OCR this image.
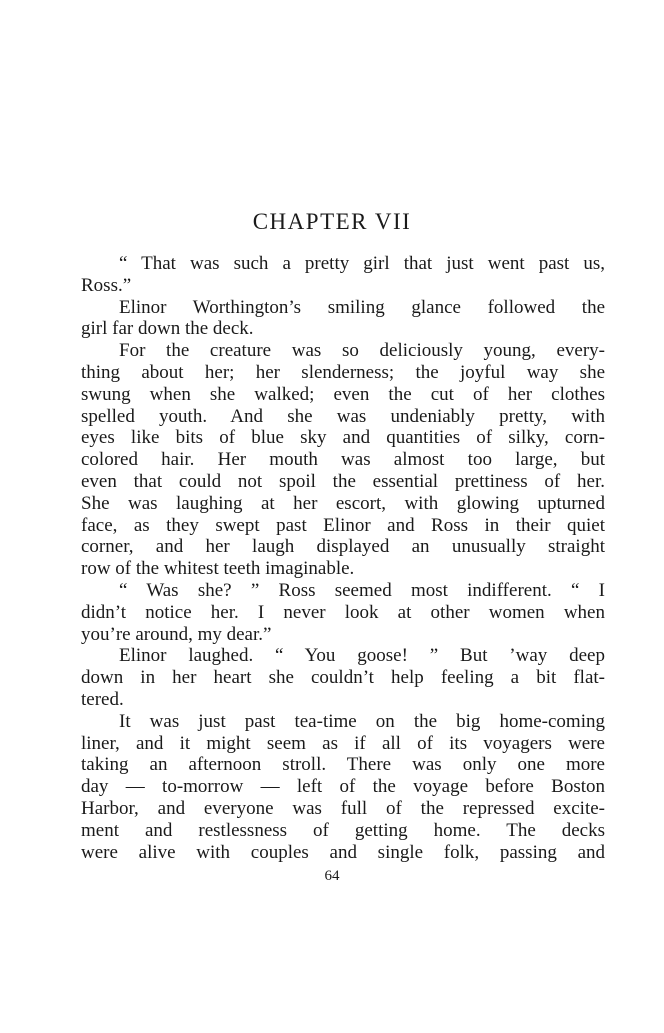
CHAPTER VII
“ That was such a pretty girl that just went past us,
Ross.”
Elinor Worthington’s smiling glance followed the
girl far down the deck.
For the creature was so deliciously young, every-
thing about her; her slenderness; the joyful way she
swung when she walked; even the cut of her clothes
spelled youth. And she was undeniably pretty, with
eyes like bits of blue sky and quantities of silky, corn-
colored hair. Her mouth was almost too large, but
even that could not spoil the essential prettiness of her.
She was laughing at her escort, with glowing upturned
face, as they swept past Elinor and Ross in their quiet
corner, and her laugh displayed an unusually straight
row of the whitest teeth imaginable.
“ Was she? ” Ross seemed most indifferent. “ I
didn’t notice her. I never look at other women when
you’re around, my dear.”
Elinor laughed. “ You goose! ” But ’way deep
down in her heart she couldn’t help feeling a bit flat-
tered.
It was just past tea-time on the big home-coming
liner, and it might seem as if all of its voyagers were
taking an afternoon stroll. There was only one more
day — to-morrow — left of the voyage before Boston
Harbor, and everyone was full of the repressed excite-
ment and restlessness of getting home. The decks
were alive with couples and single folk, passing and
64
